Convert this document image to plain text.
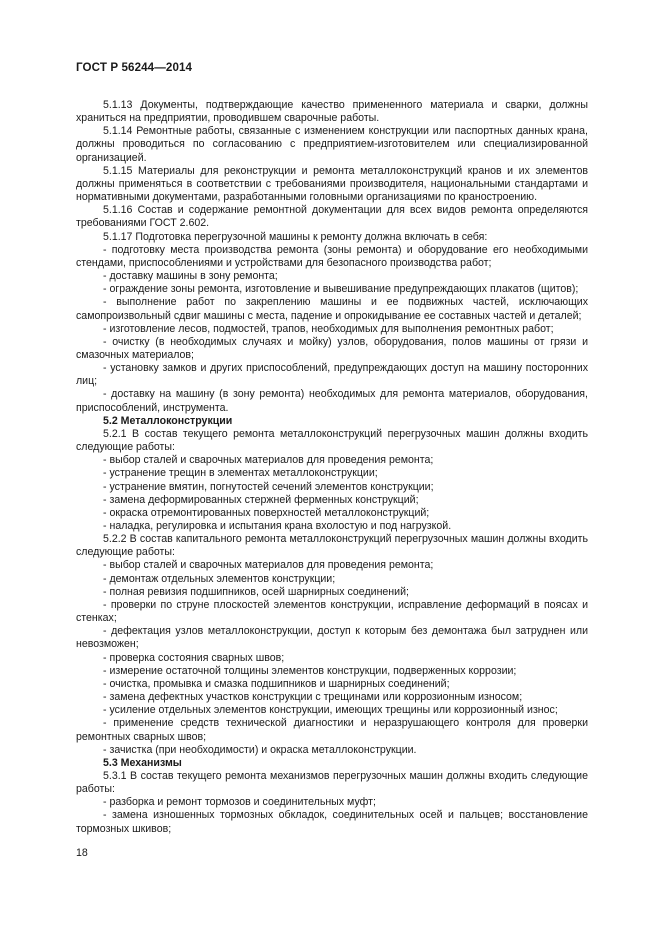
ГОСТ Р 56244—2014

5.1.13 Документы, подтверждающие качество примененного материала и сварки, должны храниться на предприятии, проводившем сварочные работы.

5.1.14 Ремонтные работы, связанные с изменением конструкции или паспортных данных крана, должны проводиться по согласованию с предприятием-изготовителем или специализированной организацией.

5.1.15 Материалы для реконструкции и ремонта металлоконструкций кранов и их элементов должны применяться в соответствии с требованиями производителя, национальными стандартами и нормативными документами, разработанными головными организациями по краностроению.

5.1.16 Состав и содержание ремонтной документации для всех видов ремонта определяются требованиями ГОСТ 2.602.

5.1.17 Подготовка перегрузочной машины к ремонту должна включать в себя:

- подготовку места производства ремонта (зоны ремонта) и оборудование его необходимыми стендами, приспособлениями и устройствами для безопасного производства работ;

- доставку машины в зону ремонта;

- ограждение зоны ремонта, изготовление и вывешивание предупреждающих плакатов (щитов);

- выполнение работ по закреплению машины и ее подвижных частей, исключающих самопроизвольный сдвиг машины с места, падение и опрокидывание ее составных частей и деталей;

- изготовление лесов, подмостей, трапов, необходимых для выполнения ремонтных работ;

- очистку (в необходимых случаях и мойку) узлов, оборудования, полов машины от грязи и смазочных материалов;

- установку замков и других приспособлений, предупреждающих доступ на машину посторонних лиц;

- доставку на машину (в зону ремонта) необходимых для ремонта материалов, оборудования, приспособлений, инструмента.

5.2 Металлоконструкции

5.2.1 В состав текущего ремонта металлоконструкций перегрузочных машин должны входить следующие работы:

- выбор сталей и сварочных материалов для проведения ремонта;

- устранение трещин в элементах металлоконструкции;

- устранение вмятин, погнутостей сечений элементов конструкции;

- замена деформированных стержней ферменных конструкций;

- окраска отремонтированных поверхностей металлоконструкций;

- наладка, регулировка и испытания крана вхолостую и под нагрузкой.

5.2.2 В состав капитального ремонта металлоконструкций перегрузочных машин должны входить следующие работы:

- выбор сталей и сварочных материалов для проведения ремонта;

- демонтаж отдельных элементов конструкции;

- полная ревизия подшипников, осей шарнирных соединений;

- проверки по струне плоскостей элементов конструкции, исправление деформаций в поясах и стенках;

- дефектация узлов металлоконструкции, доступ к которым без демонтажа был затруднен или невозможен;

- проверка состояния сварных швов;

- измерение остаточной толщины элементов конструкции, подверженных коррозии;

- очистка, промывка и смазка подшипников и шарнирных соединений;

- замена дефектных участков конструкции с трещинами или коррозионным износом;

- усиление отдельных элементов конструкции, имеющих трещины или коррозионный износ;

- применение средств технической диагностики и неразрушающего контроля для проверки ремонтных сварных швов;

- зачистка (при необходимости) и окраска металлоконструкции.

5.3 Механизмы

5.3.1 В состав текущего ремонта механизмов перегрузочных машин должны входить следующие работы:

- разборка и ремонт тормозов и соединительных муфт;

- замена изношенных тормозных обкладок, соединительных осей и пальцев; восстановление тормозных шкивов;

18
